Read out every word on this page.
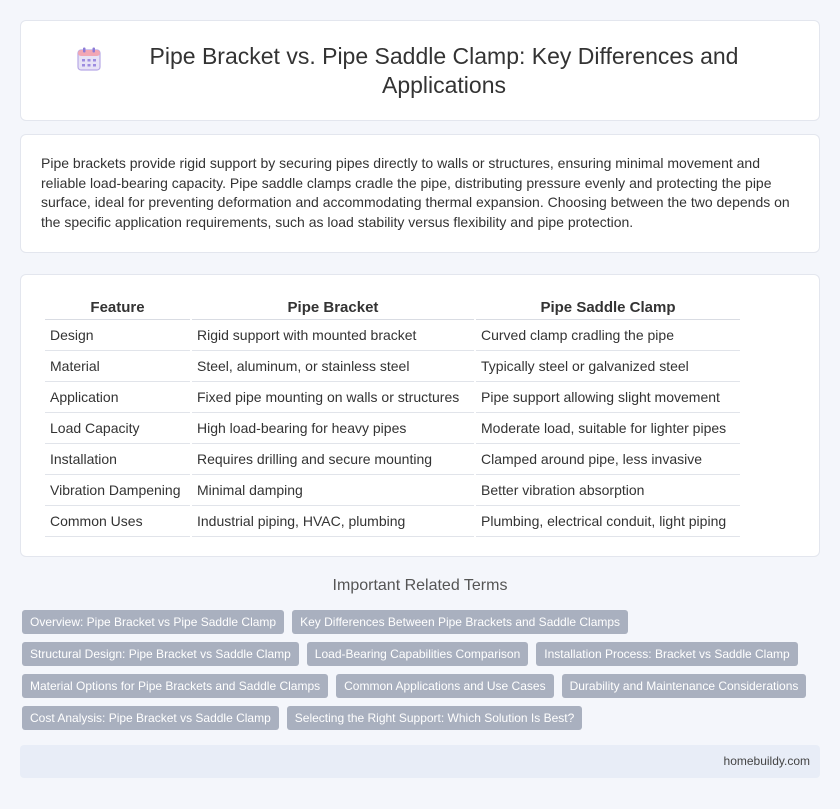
Pipe Bracket vs. Pipe Saddle Clamp: Key Differences and Applications

Pipe brackets provide rigid support by securing pipes directly to walls or structures, ensuring minimal movement and reliable load-bearing capacity. Pipe saddle clamps cradle the pipe, distributing pressure evenly and protecting the pipe surface, ideal for preventing deformation and accommodating thermal expansion. Choosing between the two depends on the specific application requirements, such as load stability versus flexibility and pipe protection.

Feature	Pipe Bracket	Pipe Saddle Clamp
Design	Rigid support with mounted bracket	Curved clamp cradling the pipe
Material	Steel, aluminum, or stainless steel	Typically steel or galvanized steel
Application	Fixed pipe mounting on walls or structures	Pipe support allowing slight movement
Load Capacity	High load-bearing for heavy pipes	Moderate load, suitable for lighter pipes
Installation	Requires drilling and secure mounting	Clamped around pipe, less invasive
Vibration Dampening	Minimal damping	Better vibration absorption
Common Uses	Industrial piping, HVAC, plumbing	Plumbing, electrical conduit, light piping
Important Related Terms
Overview: Pipe Bracket vs Pipe Saddle Clamp	Key Differences Between Pipe Brackets and Saddle Clamps
Structural Design: Pipe Bracket vs Saddle Clamp	Load-Bearing Capabilities Comparison	Installation Process: Bracket vs Saddle Clamp
Material Options for Pipe Brackets and Saddle Clamps	Common Applications and Use Cases	Durability and Maintenance Considerations
Cost Analysis: Pipe Bracket vs Saddle Clamp	Selecting the Right Support: Which Solution Is Best?
homebuildy.com
